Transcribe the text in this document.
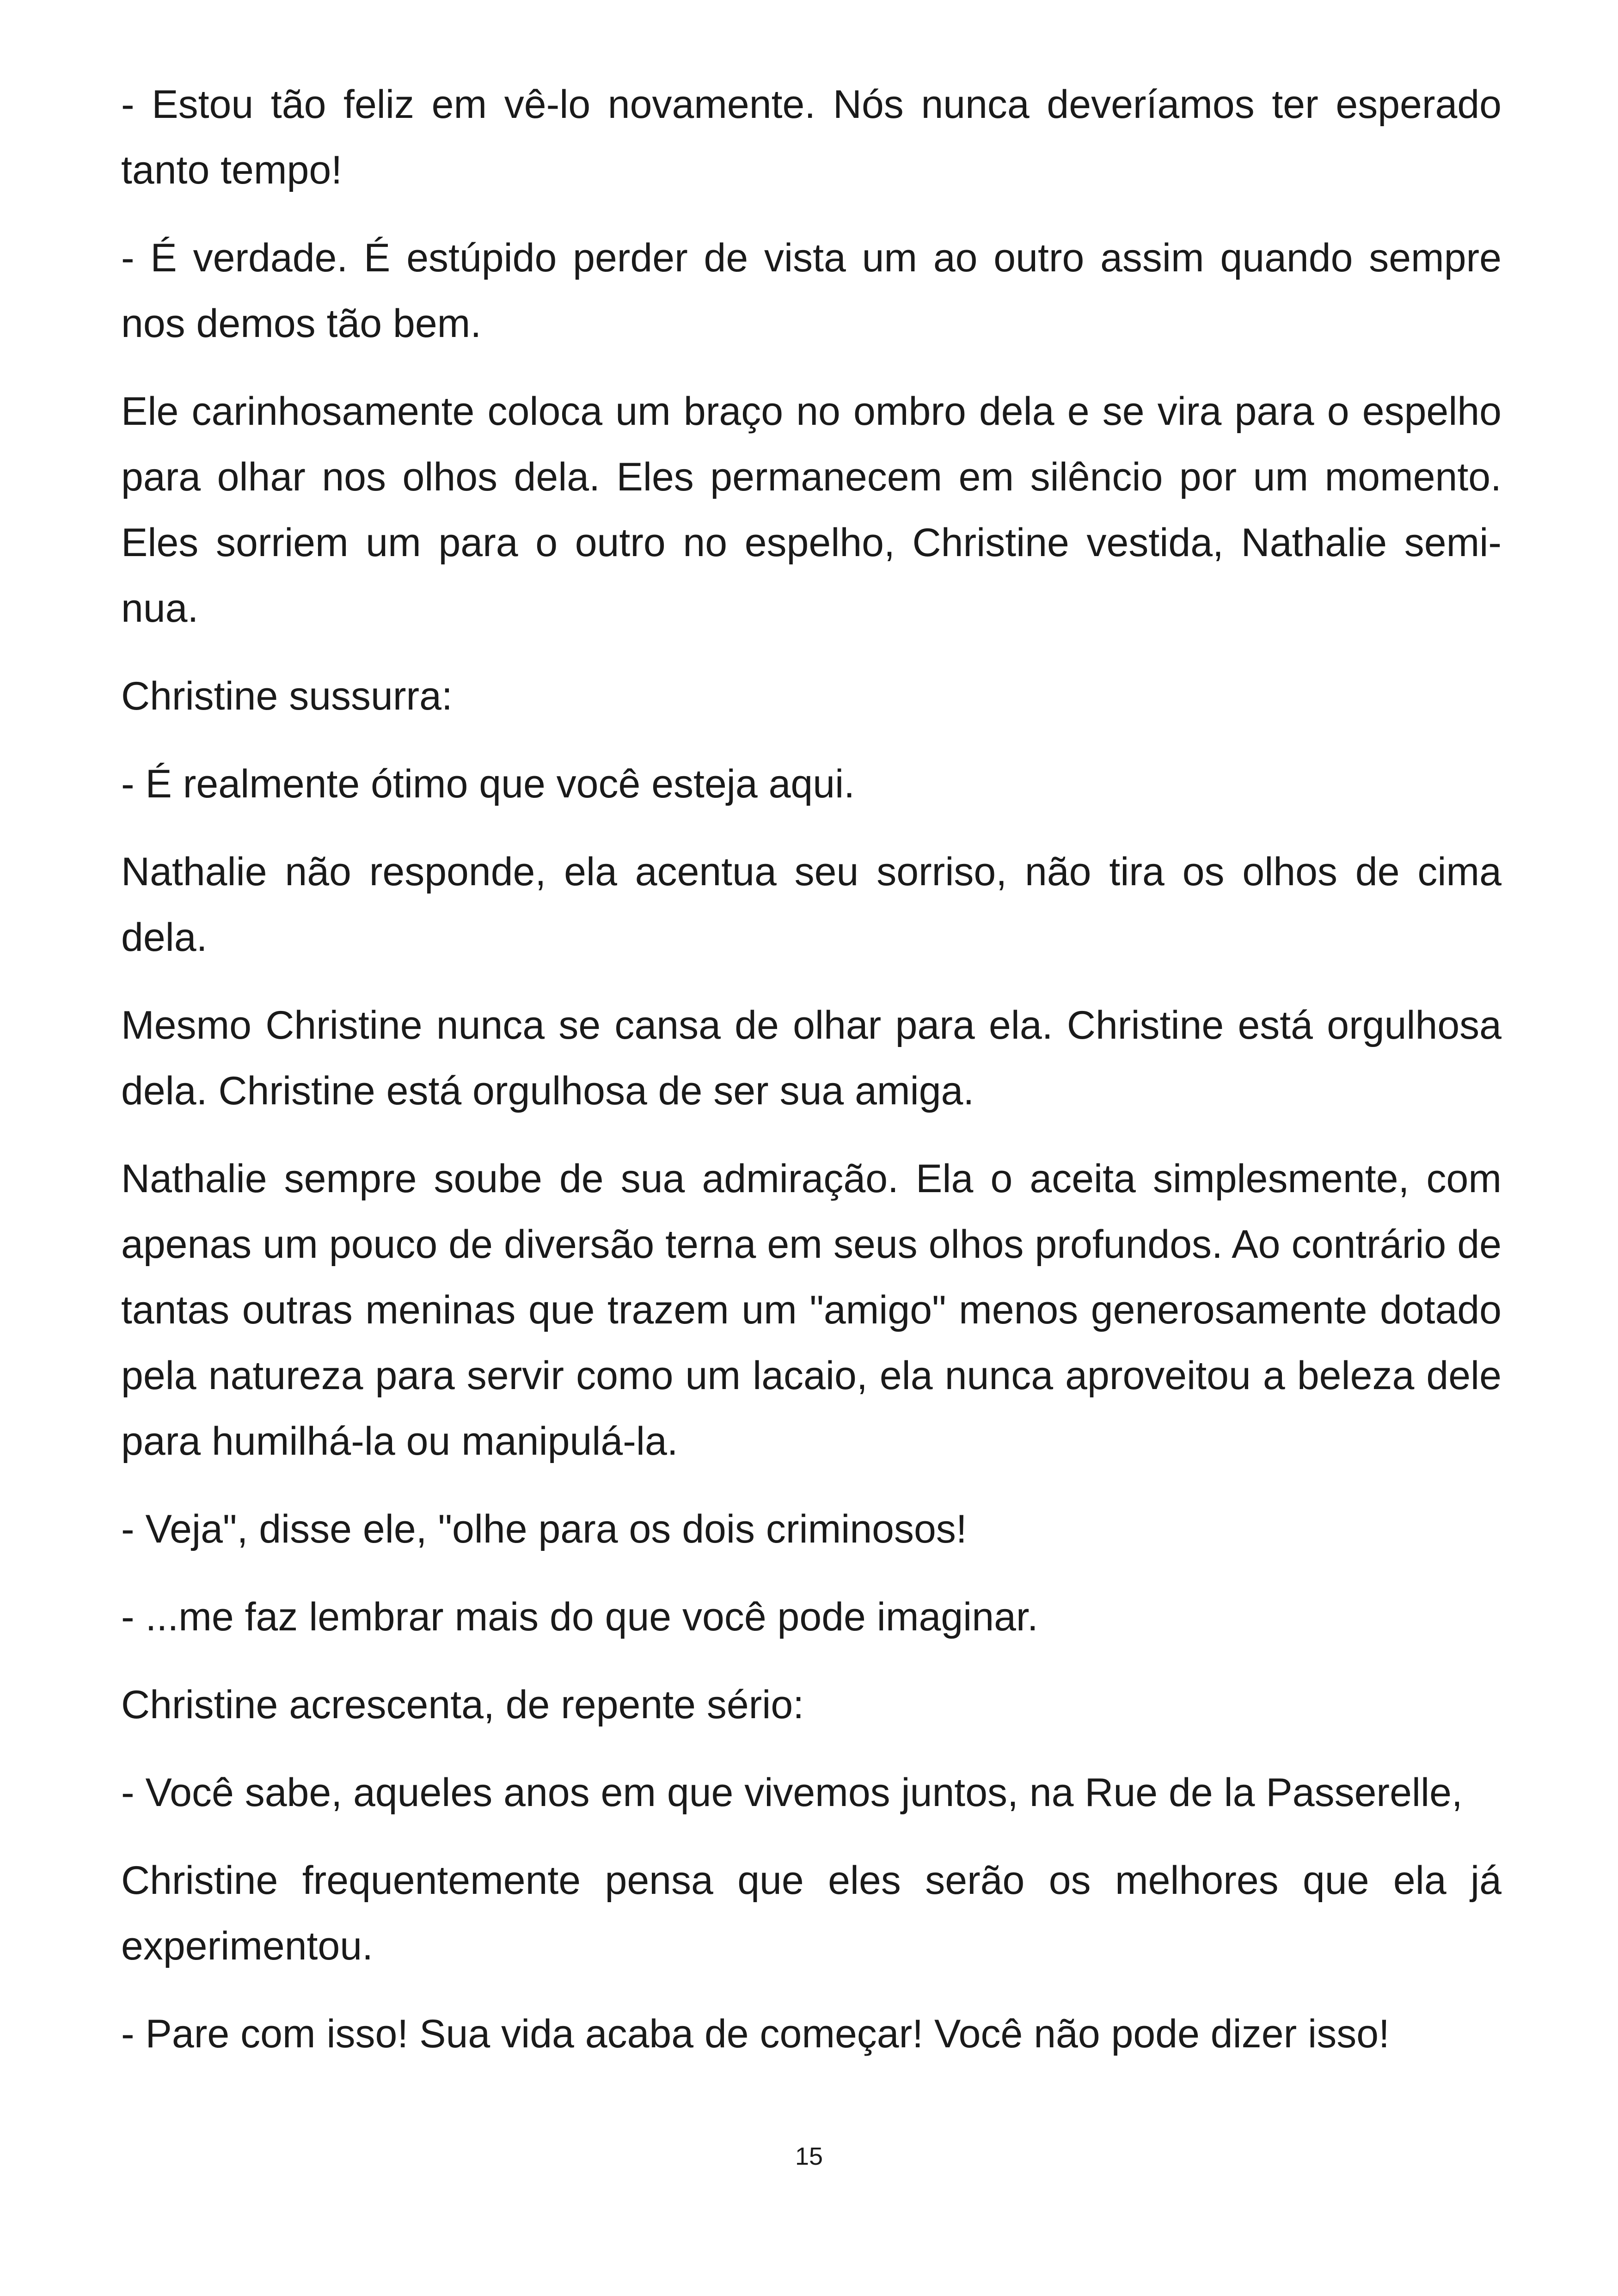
- Estou tão feliz em vê-lo novamente. Nós nunca deveríamos ter esperado tanto tempo!

- É verdade. É estúpido perder de vista um ao outro assim quando sempre nos demos tão bem.

Ele carinhosamente coloca um braço no ombro dela e se vira para o espelho para olhar nos olhos dela. Eles permanecem em silêncio por um momento. Eles sorriem um para o outro no espelho, Christine vestida, Nathalie semi-nua.

Christine sussurra:

- É realmente ótimo que você esteja aqui.

Nathalie não responde, ela acentua seu sorriso, não tira os olhos de cima dela.

Mesmo Christine nunca se cansa de olhar para ela. Christine está orgulhosa dela. Christine está orgulhosa de ser sua amiga.

Nathalie sempre soube de sua admiração. Ela o aceita simplesmente, com apenas um pouco de diversão terna em seus olhos profundos. Ao contrário de tantas outras meninas que trazem um "amigo" menos generosamente dotado pela natureza para servir como um lacaio, ela nunca aproveitou a beleza dele para humilhá-la ou manipulá-la.

- Veja", disse ele, "olhe para os dois criminosos!

- ...me faz lembrar mais do que você pode imaginar.

Christine acrescenta, de repente sério:

- Você sabe, aqueles anos em que vivemos juntos, na Rue de la Passerelle,

Christine frequentemente pensa que eles serão os melhores que ela já experimentou.

- Pare com isso! Sua vida acaba de começar! Você não pode dizer isso!

15
